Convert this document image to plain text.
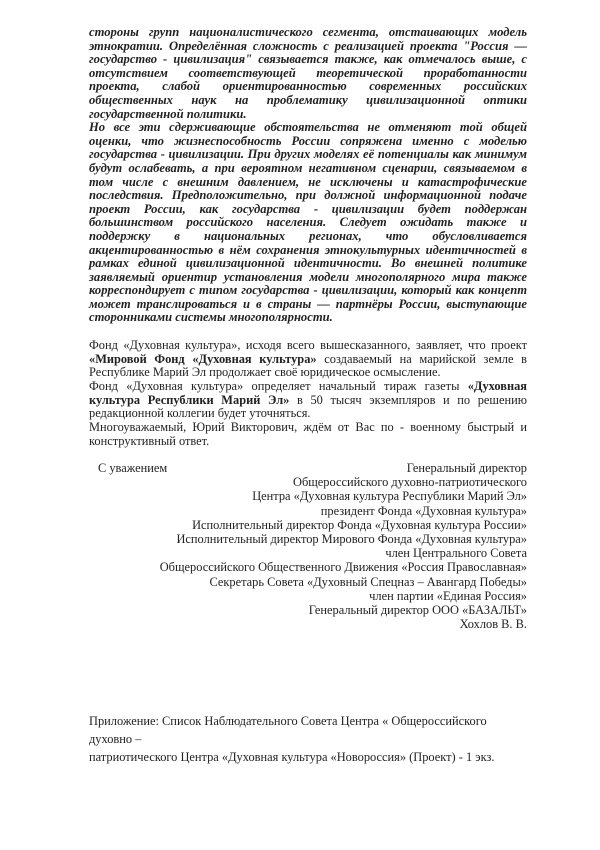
стороны групп националистического сегмента, отстаивающих модель этнократии. Определённая сложность с реализацией проекта "Россия — государство - цивилизация" связывается также, как отмечалось выше, с отсутствием соответствующей теоретической проработанности проекта, слабой ориентированностью современных российских общественных наук на проблематику цивилизационной оптики государственной политики.

Но все эти сдерживающие обстоятельства не отменяют той общей оценки, что жизнеспособность России сопряжена именно с моделью государства - цивилизации. При других моделях её потенциалы как минимум будут ослабевать, а при вероятном негативном сценарии, связываемом в том числе с внешним давлением, не исключены и катастрофические последствия. Предположительно, при должной информационной подаче проект России, как государства - цивилизации будет поддержан большинством российского населения. Следует ожидать также и поддержку в национальных регионах, что обусловливается акцентированностью в нём сохранения этнокультурных идентичностей в рамках единой цивилизационной идентичности. Во внешней политике заявляемый ориентир установления модели многополярного мира также корреспондирует с типом государства - цивилизации, который как концепт может транслироваться и в страны — партнёры России, выступающие сторонниками системы многополярности.

Фонд «Духовная культура», исходя всего вышесказанного, заявляет, что проект «Мировой Фонд «Духовная культура» создаваемый на марийской земле в Республике Марий Эл продолжает своё юридическое осмысление.

Фонд «Духовная культура» определяет начальный тираж газеты «Духовная культура Республики Марий Эл» в 50 тысяч экземпляров и по решению редакционной коллегии будет уточняться.

Многоуважаемый, Юрий Викторович, ждём от Вас по - военному быстрый и конструктивный ответ.

С уважением	Генеральный директор
Общероссийского духовно-патриотического
Центра «Духовная культура Республики Марий Эл»
президент Фонда «Духовная культура»
Исполнительный директор Фонда «Духовная культура России»
Исполнительный директор Мирового Фонда «Духовная культура»
член Центрального Совета
Общероссийского Общественного Движения «Россия Православная»
Секретарь Совета «Духовный Спецназ – Авангард Победы»
член партии «Единая Россия»
Генеральный директор ООО «БАЗАЛЬТ»
Хохлов В. В.

Приложение: Список Наблюдательного Совета Центра « Общероссийского духовно –

патриотического Центра «Духовная культура «Новороссия» (Проект) - 1 экз.
